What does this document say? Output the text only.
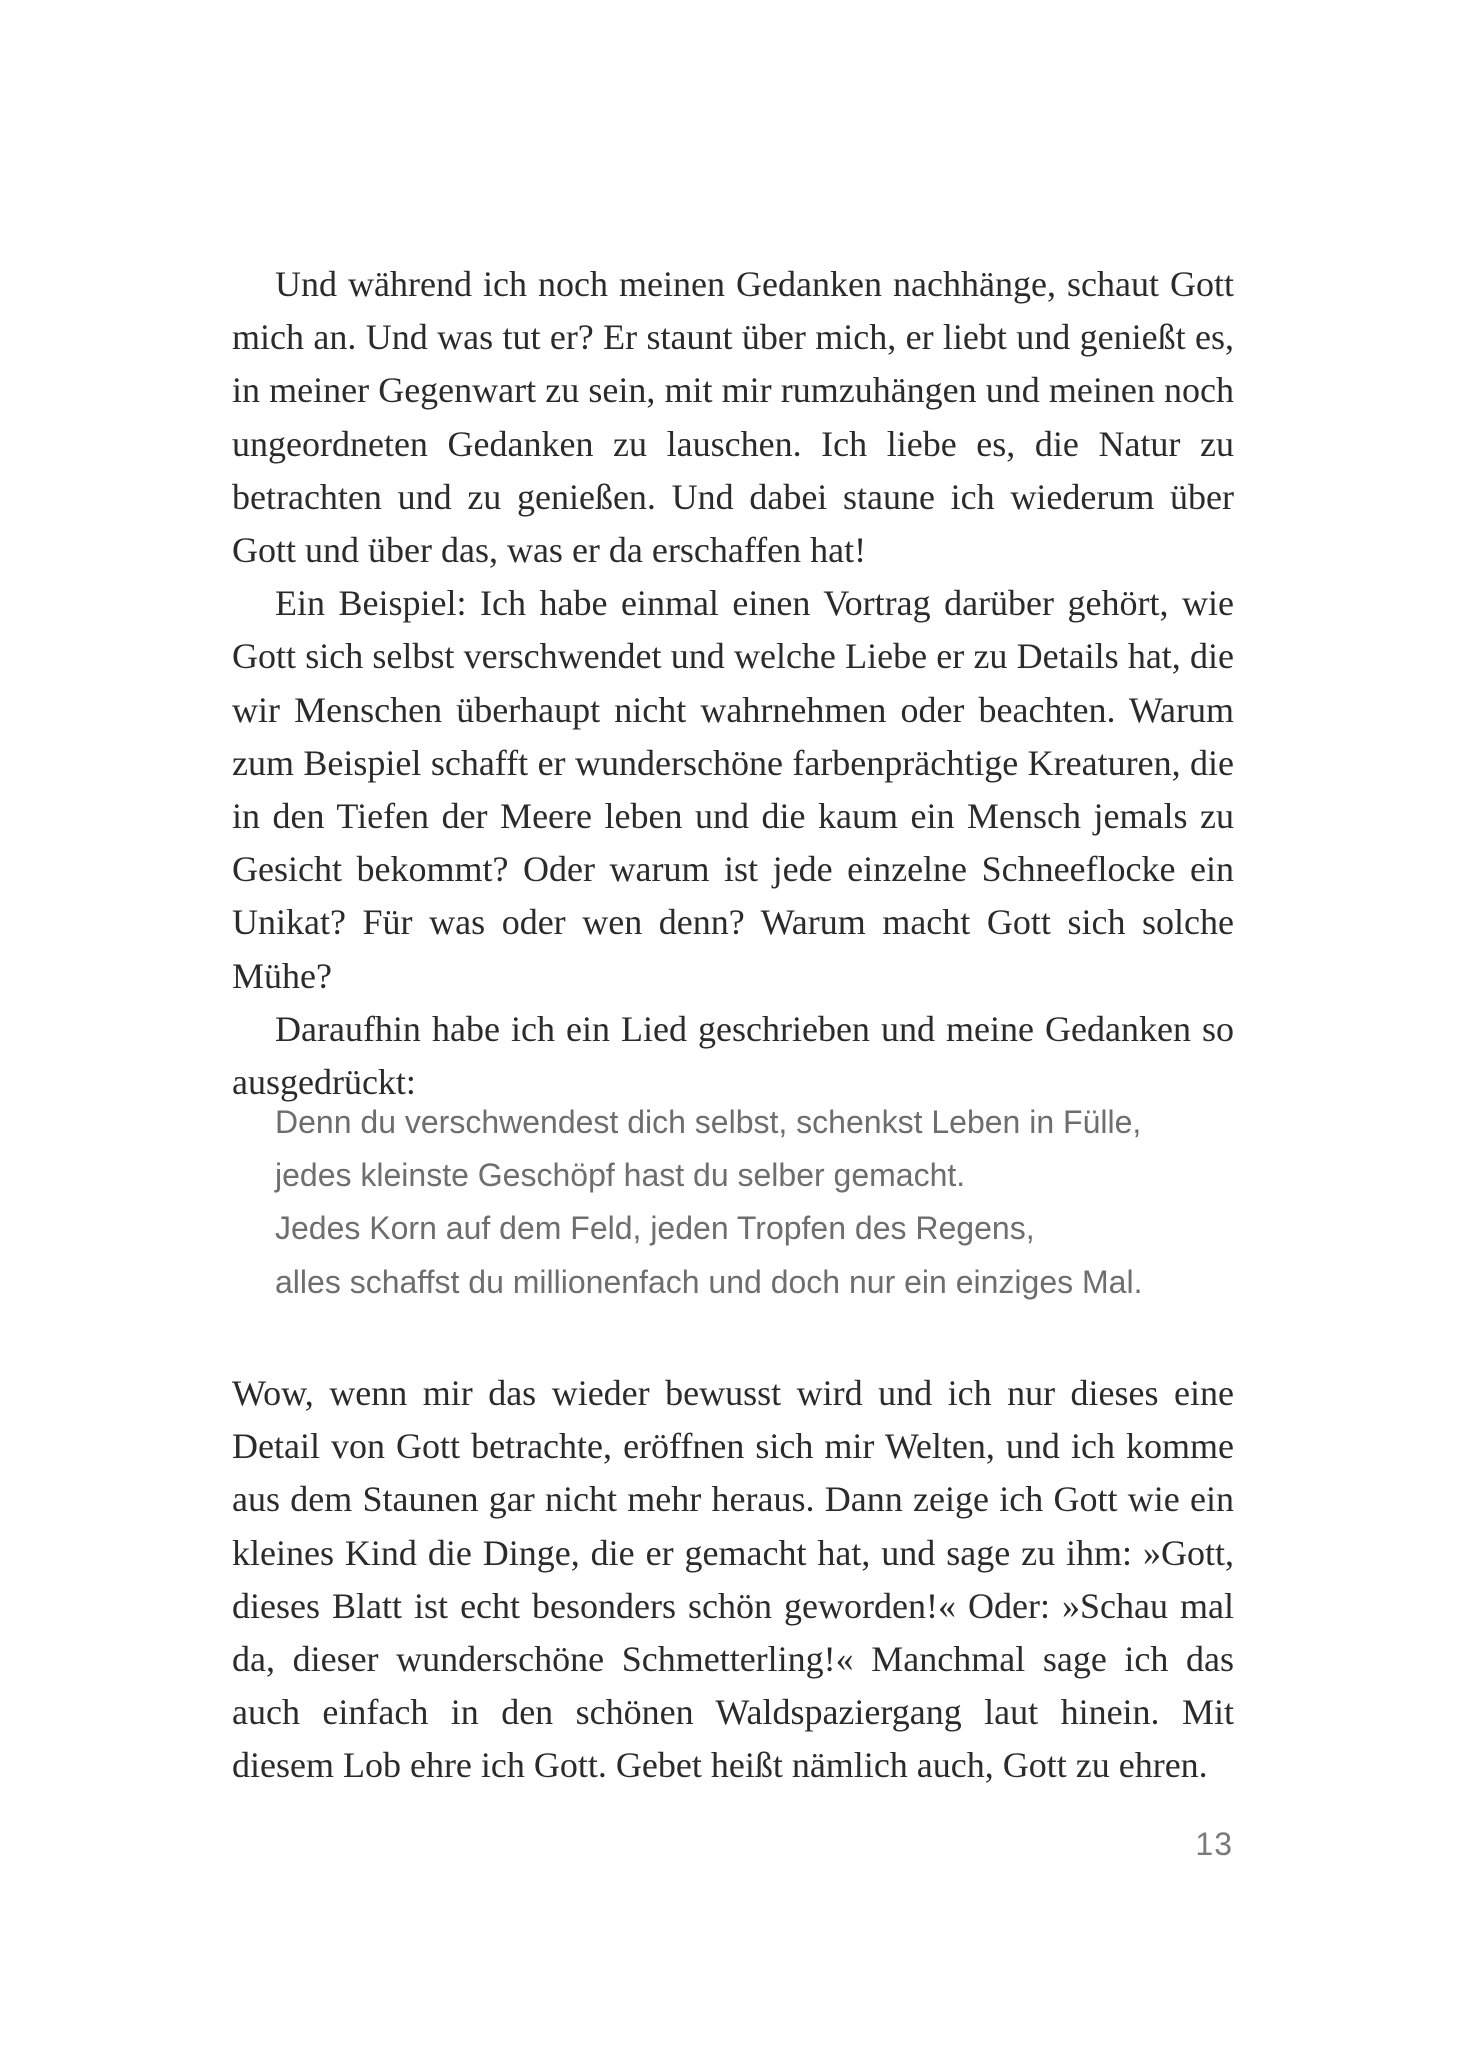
Und während ich noch meinen Gedanken nachhänge, schaut Gott mich an. Und was tut er? Er staunt über mich, er liebt und genießt es, in meiner Gegenwart zu sein, mit mir rumzuhängen und meinen noch ungeordneten Gedanken zu lauschen. Ich liebe es, die Natur zu betrachten und zu genießen. Und dabei staune ich wiederum über Gott und über das, was er da erschaffen hat!

Ein Beispiel: Ich habe einmal einen Vortrag darüber gehört, wie Gott sich selbst verschwendet und welche Liebe er zu Details hat, die wir Menschen überhaupt nicht wahrnehmen oder beachten. Warum zum Beispiel schafft er wunderschöne farbenprächtige Kreaturen, die in den Tiefen der Meere leben und die kaum ein Mensch jemals zu Gesicht bekommt? Oder warum ist jede einzelne Schneeflocke ein Unikat? Für was oder wen denn? Warum macht Gott sich solche Mühe?

Daraufhin habe ich ein Lied geschrieben und meine Gedanken so ausgedrückt:

Denn du verschwendest dich selbst, schenkst Leben in Fülle,
jedes kleinste Geschöpf hast du selber gemacht.
Jedes Korn auf dem Feld, jeden Tropfen des Regens,
alles schaffst du millionenfach und doch nur ein einziges Mal.

Wow, wenn mir das wieder bewusst wird und ich nur dieses eine Detail von Gott betrachte, eröffnen sich mir Welten, und ich komme aus dem Staunen gar nicht mehr heraus. Dann zeige ich Gott wie ein kleines Kind die Dinge, die er gemacht hat, und sage zu ihm: »Gott, dieses Blatt ist echt besonders schön geworden!« Oder: »Schau mal da, dieser wunderschöne Schmetterling!« Manchmal sage ich das auch einfach in den schönen Waldspaziergang laut hinein. Mit diesem Lob ehre ich Gott. Gebet heißt nämlich auch, Gott zu ehren.

13
